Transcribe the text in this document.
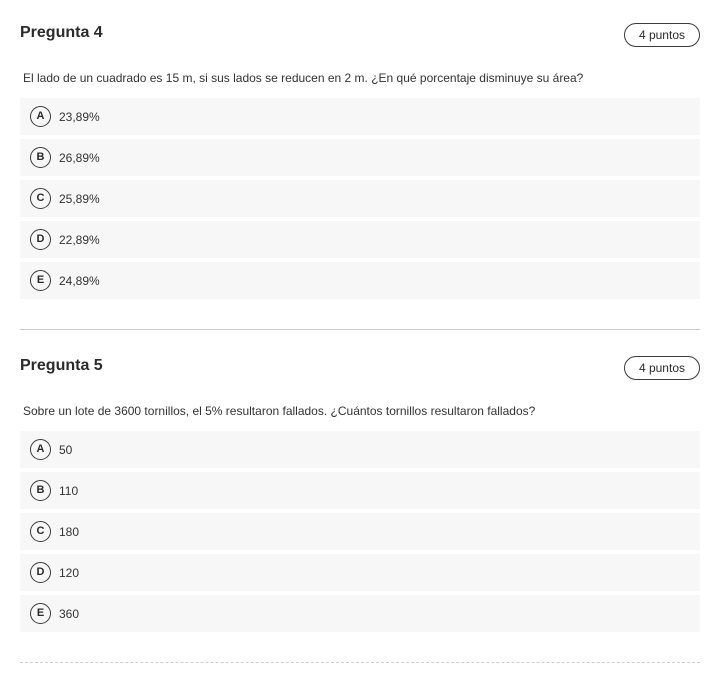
Pregunta 4	4 puntos
El lado de un cuadrado es 15 m, si sus lados se reducen en 2 m. ¿En qué porcentaje disminuye su área?
A	23,89%
B	26,89%
C	25,89%
D	22,89%
E	24,89%
Pregunta 5	4 puntos
Sobre un lote de 3600 tornillos, el 5% resultaron fallados. ¿Cuántos tornillos resultaron fallados?
A	50
B	110
C	180
D	120
E	360
